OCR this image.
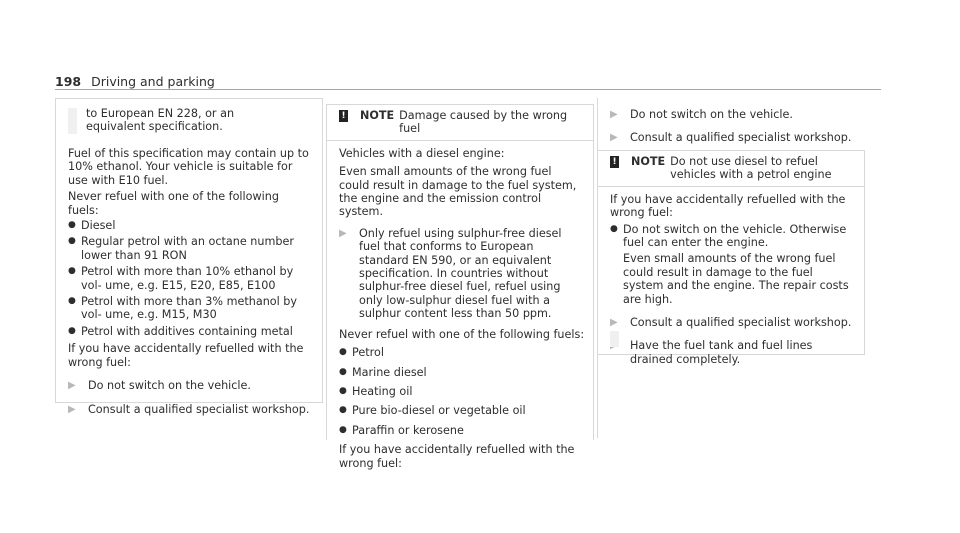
198 Driving and parking

to European EN 228, or an equivalent specification.

Fuel of this specification may contain up to 10% ethanol. Your vehicle is suitable for use with E10 fuel.

Never refuel with one of the following fuels:

● Diesel
● Regular petrol with an octane number lower than 91 RON
● Petrol with more than 10% ethanol by vol- ume, e.g. E15, E20, E85, E100
● Petrol with more than 3% methanol by vol- ume, e.g. M15, M30
● Petrol with additives containing metal

If you have accidentally refuelled with the wrong fuel:

▶	Do not switch on the vehicle.
▶	Consult a qualified specialist workshop.
! NOTE Damage caused by the wrong fuel

Vehicles with a diesel engine:

Even small amounts of the wrong fuel could result in damage to the fuel system, the engine and the emission control system.

▶	Only refuel using sulphur-free diesel fuel that conforms to European standard EN 590, or an equivalent specification. In countries without sulphur-free diesel fuel, refuel using only low-sulphur diesel fuel with a sulphur content less than 50 ppm.

Never refuel with one of the following fuels:

● Petrol
● Marine diesel
● Heating oil
● Pure bio-diesel or vegetable oil
● Paraffin or kerosene

If you have accidentally refuelled with the wrong fuel:

▶	Do not switch on the vehicle.
▶	Consult a qualified specialist workshop.
! NOTE Do not use diesel to refuel vehicles with a petrol engine

If you have accidentally refuelled with the wrong fuel:

● Do not switch on the vehicle. Otherwise fuel can enter the engine.

Even small amounts of the wrong fuel could result in damage to the fuel system and the engine. The repair costs are high.

▶	Consult a qualified specialist workshop.
Have the fuel tank and fuel lines drained completely.
